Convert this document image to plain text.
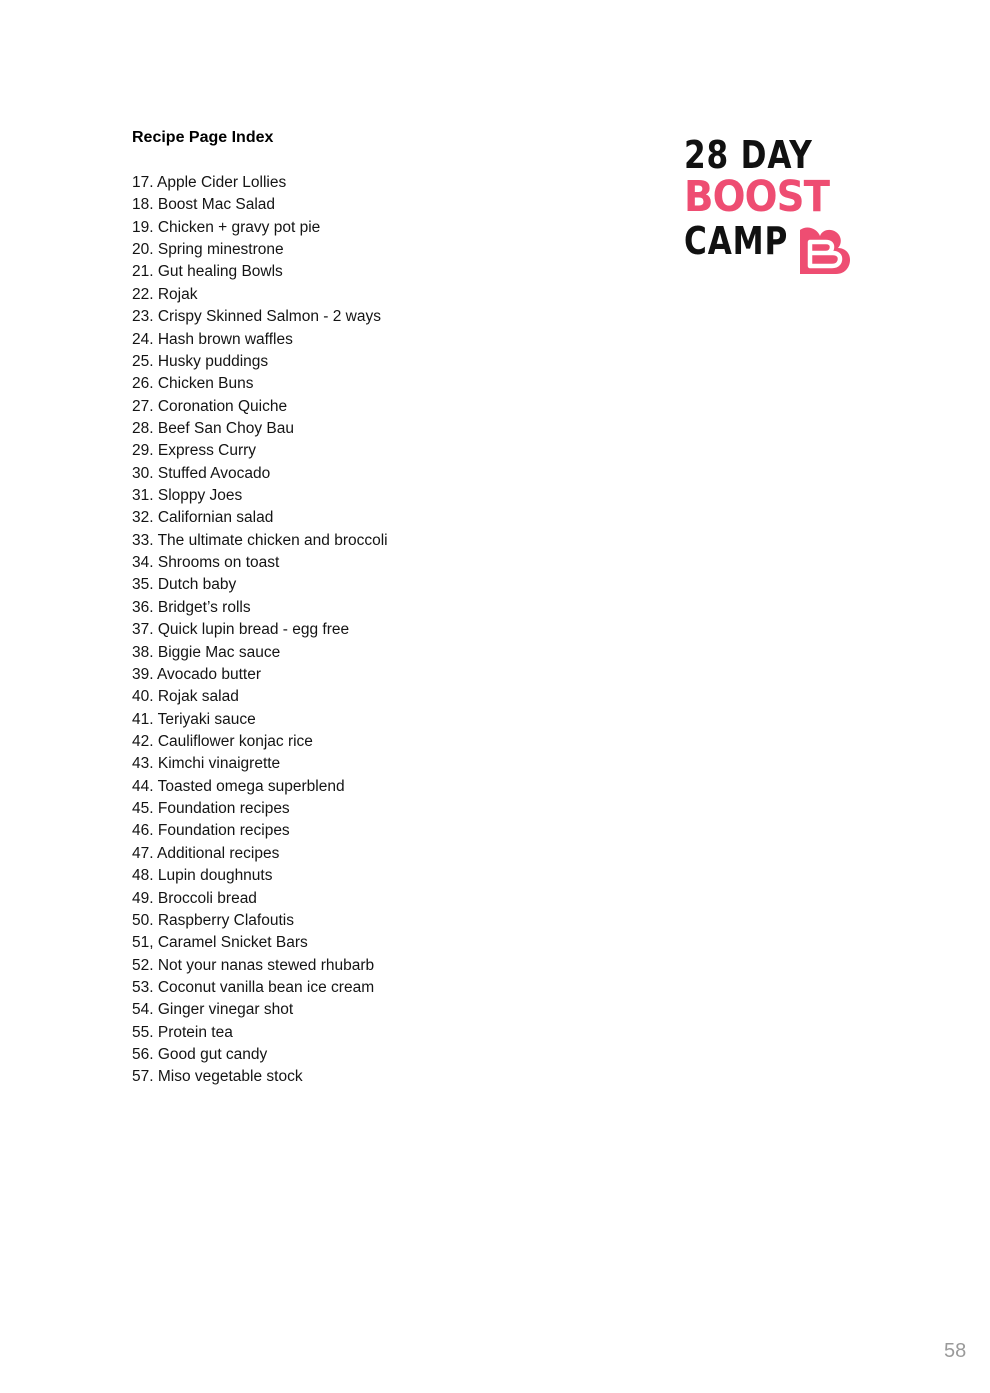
Recipe Page Index
17. Apple Cider Lollies
18. Boost Mac Salad
19. Chicken + gravy pot pie
20. Spring minestrone
21. Gut healing Bowls
22. Rojak
23. Crispy Skinned Salmon - 2 ways
24. Hash brown waffles
25. Husky puddings
26. Chicken Buns
27. Coronation Quiche
28. Beef San Choy Bau
29. Express Curry
30. Stuffed Avocado
31. Sloppy Joes
32. Californian salad
33. The ultimate chicken and broccoli
34. Shrooms on toast
35. Dutch baby
36. Bridget’s rolls
37. Quick lupin bread - egg free
38. Biggie Mac sauce
39. Avocado butter
40. Rojak salad
41. Teriyaki sauce
42. Cauliflower konjac rice
43. Kimchi vinaigrette
44. Toasted omega superblend
45. Foundation recipes
46. Foundation recipes
47. Additional recipes
48. Lupin doughnuts
49. Broccoli bread
50. Raspberry Clafoutis
51, Caramel Snicket Bars
52. Not your nanas stewed rhubarb
53. Coconut vanilla bean ice cream
54. Ginger vinegar shot
55. Protein tea
56. Good gut candy
57. Miso vegetable stock
28 DAY
BOOST
CAMP
58
